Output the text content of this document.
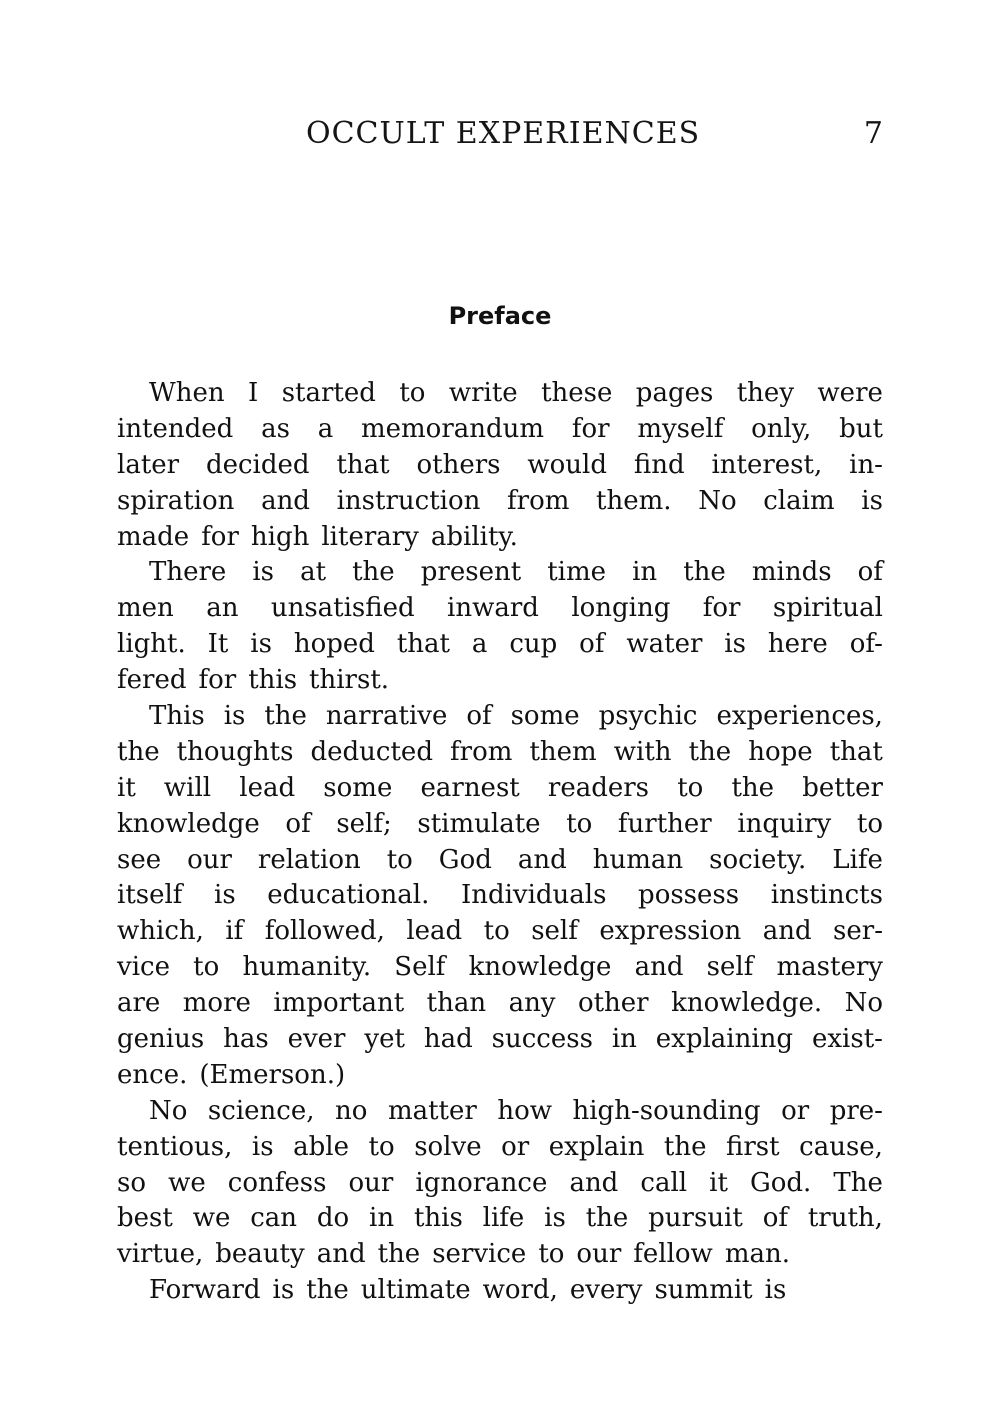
OCCULT EXPERIENCES	7
Preface
When I started to write these pages they were
intended as a memorandum for myself only, but
later decided that others would find interest, in-
spiration and instruction from them. No claim is
made for high literary ability.
There is at the present time in the minds of
men an unsatisfied inward longing for spiritual
light. It is hoped that a cup of water is here of-
fered for this thirst.
This is the narrative of some psychic experiences,
the thoughts deducted from them with the hope that
it will lead some earnest readers to the better
knowledge of self; stimulate to further inquiry to
see our relation to God and human society. Life
itself is educational. Individuals possess instincts
which, if followed, lead to self expression and ser-
vice to humanity. Self knowledge and self mastery
are more important than any other knowledge. No
genius has ever yet had success in explaining exist-
ence. (Emerson.)
No science, no matter how high-sounding or pre-
tentious, is able to solve or explain the first cause,
so we confess our ignorance and call it God. The
best we can do in this life is the pursuit of truth,
virtue, beauty and the service to our fellow man.
Forward is the ultimate word, every summit is
